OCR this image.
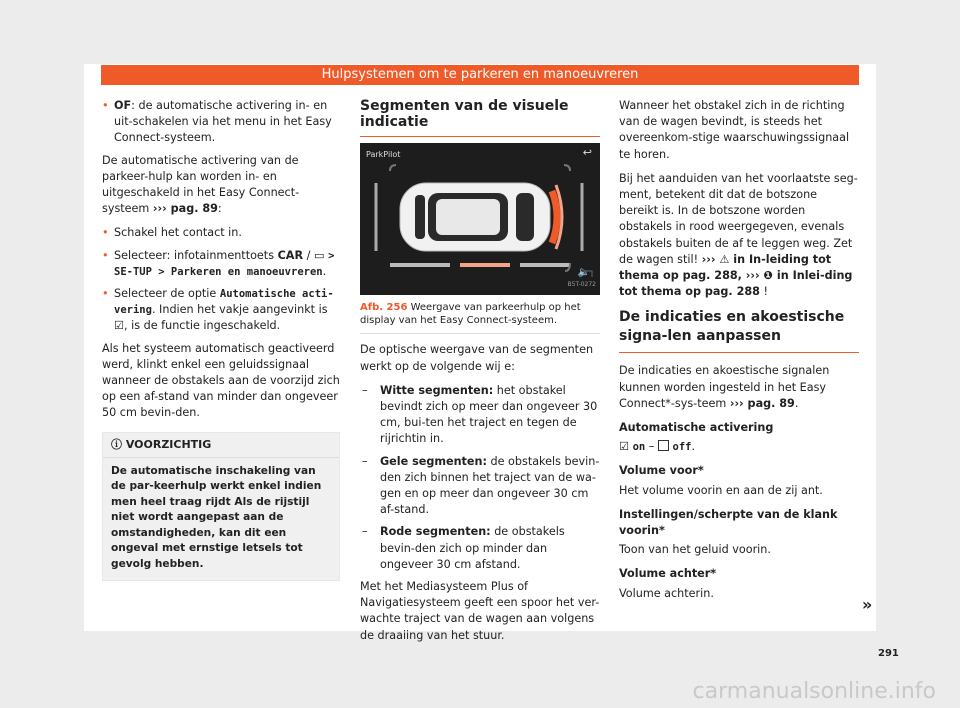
Hulpsystemen om te parkeren en manoeuvreren
• OF: de automatische activering in- en uit-schakelen via het menu in het Easy Connect-systeem.

De automatische activering van de parkeer-hulp kan worden in- en uitgeschakeld in het Easy Connect-systeem ››› pag. 89:

• Schakel het contact in.
• Selecteer: infotainmenttoets CAR / ▭ > SE-TUP > Parkeren en manoeuvreren.
• Selecteer de optie Automatische acti-vering. Indien het vakje aangevinkt is ☑, is de functie ingeschakeld.

Als het systeem automatisch geactiveerd werd, klinkt enkel een geluidssignaal wanneer de obstakels aan de voorzijd zich op een af-stand van minder dan ongeveer 50 cm bevin-den.

ⓘ VOORZICHTIG
De automatische inschakeling van de par-keerhulp werkt enkel indien men heel traag rijdt Als de rijstijl niet wordt aangepast aan de omstandigheden, kan dit een ongeval met ernstige letsels tot gevolg hebben.
Segmenten van de visuele indicatie
ParkPilot	↩
🔈
B5T-0272
Afb. 256 Weergave van parkeerhulp op het display van het Easy Connect-systeem.

De optische weergave van de segmenten werkt op de volgende wij e:

– Witte segmenten: het obstakel bevindt zich op meer dan ongeveer 30 cm, bui-ten het traject en tegen de rijrichtin in.
– Gele segmenten: de obstakels bevin-den zich binnen het traject van de wa-gen en op meer dan ongeveer 30 cm af-stand.
– Rode segmenten: de obstakels bevin-den zich op minder dan ongeveer 30 cm afstand.

Met het Mediasysteem Plus of Navigatiesysteem geeft een spoor het ver-wachte traject van de wagen aan volgens de draaiing van het stuur.

Wanneer het obstakel zich in de richting van de wagen bevindt, is steeds het overeenkom-stige waarschuwingssignaal te horen.

Bij het aanduiden van het voorlaatste seg-ment, betekent dit dat de botszone bereikt is. In de botszone worden obstakels in rood weergegeven, evenals obstakels buiten de af te leggen weg. Zet de wagen stil! ››› ⚠ in In-leiding tot thema op pag. 288, ››› ❶ in Inlei-ding tot thema op pag. 288 !

De indicaties en akoestische signa-len aanpassen

De indicaties en akoestische signalen kunnen worden ingesteld in het Easy Connect*-sys-teem ››› pag. 89.

Automatische activering

☑ on –  off.

Volume voor*

Het volume voorin en aan de zij ant.

Instellingen/scherpte van de klank voorin*

Toon van het geluid voorin.

Volume achter*

Volume achterin.

»
291
carmanualsonline.info
